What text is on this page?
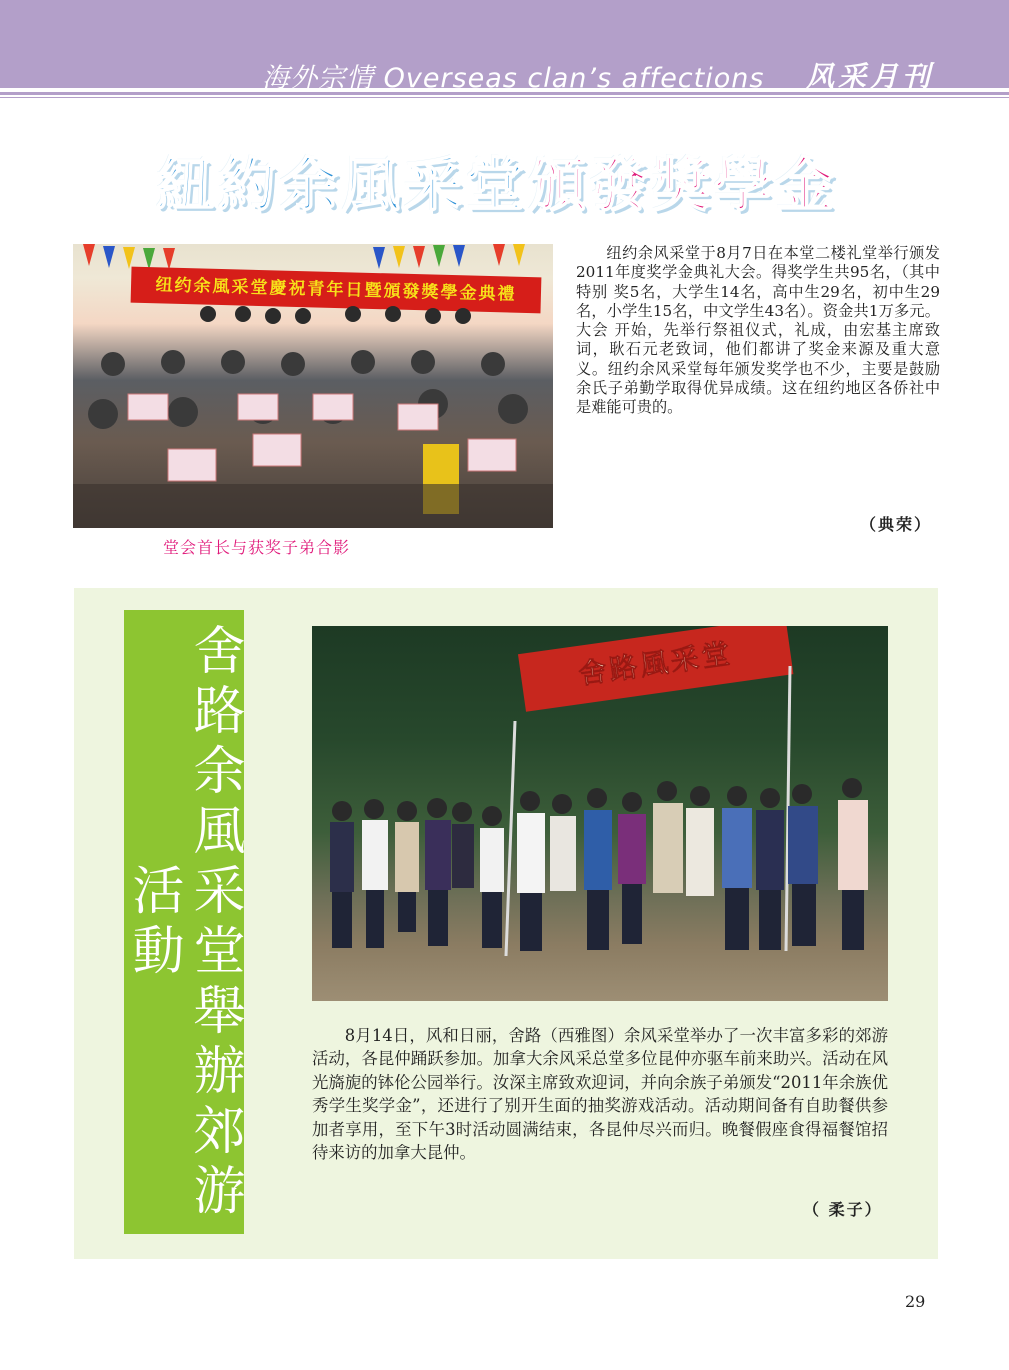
海外宗情 Overseas clan’s affections 风采月刊
紐約余風采堂頒發獎學金
纽约余風采堂慶祝青年日暨頒發獎學金典禮
堂会首长与获奖子弟合影

纽约余风采堂于8月7日在本堂二楼礼堂举行颁发2011年度奖学金典礼大会。得奖学生共95名，（其中特别 奖5名，大学生14名，高中生29名，初中生29名，小学生15名，中文学生43名）。资金共1万多元。大会 开始，先举行祭祖仪式，礼成，由宏基主席致词，耿石元老致词，他们都讲了奖金来源及重大意义。纽约余风采堂每年颁发奖学也不少，主要是鼓励余氏子弟勤学取得优异成绩。这在纽约地区各侨社中是难能可贵的。

（典荣）
舍路余風采堂舉辦郊游活動
舍路風采堂

8月14日，风和日丽，舍路（西雅图）余风采堂举办了一次丰富多彩的郊游活动，各昆仲踊跃参加。加拿大余风采总堂多位昆仲亦驱车前来助兴。活动在风光旖旎的钵伦公园举行。汝深主席致欢迎词，并向余族子弟颁发“2011年余族优秀学生奖学金”，还进行了别开生面的抽奖游戏活动。活动期间备有自助餐供参加者享用，至下午3时活动圆满结束，各昆仲尽兴而归。晚餐假座食得福餐馆招待来访的加拿大昆仲。

（ 柔子）
29
